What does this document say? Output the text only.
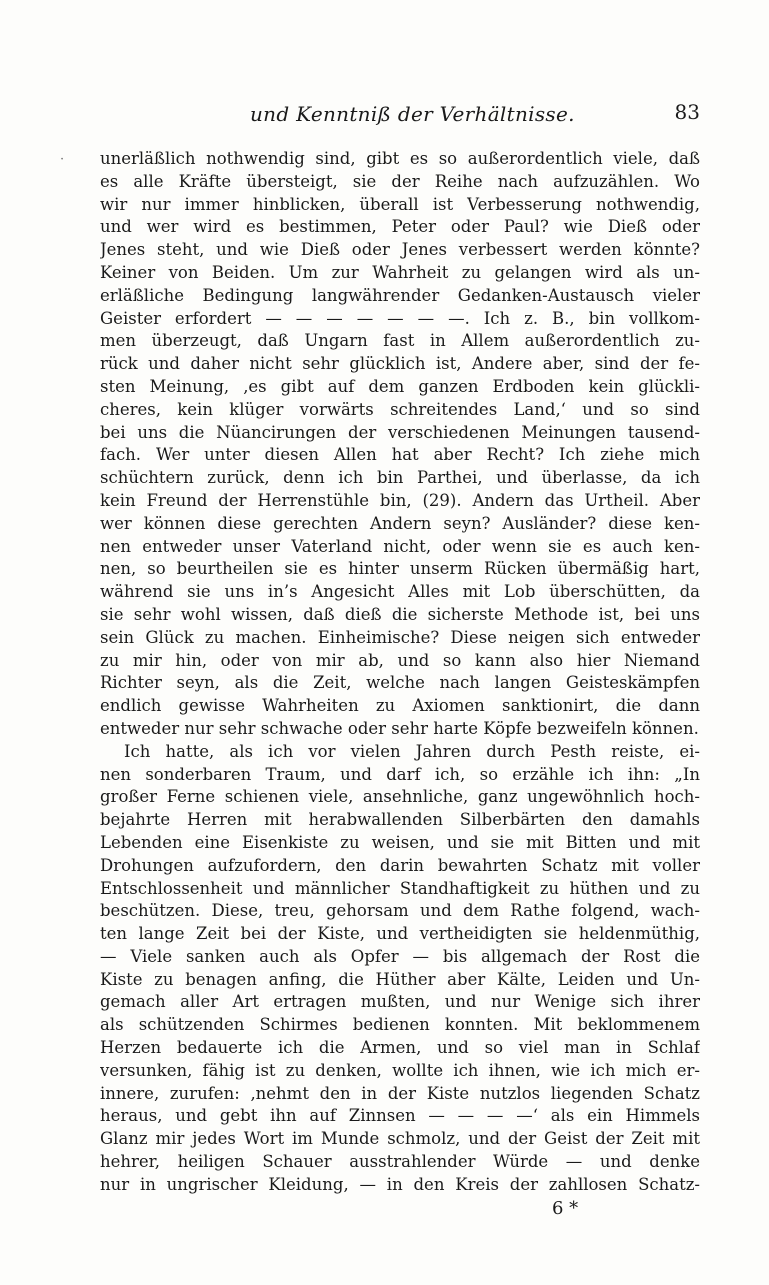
·
und Kenntniß der Verhältnisse.	83
unerläßlich nothwendig sind, gibt es so außerordentlich viele, daß
es alle Kräfte übersteigt, sie der Reihe nach aufzuzählen. Wo
wir nur immer hinblicken, überall ist Verbesserung nothwendig,
und wer wird es bestimmen, Peter oder Paul? wie Dieß oder
Jenes steht, und wie Dieß oder Jenes verbessert werden könnte?
Keiner von Beiden. Um zur Wahrheit zu gelangen wird als un-
erläßliche Bedingung langwährender Gedanken-Austausch vieler
Geister erfordert — — — — — — —. Ich z. B., bin vollkom-
men überzeugt, daß Ungarn fast in Allem außerordentlich zu-
rück und daher nicht sehr glücklich ist, Andere aber, sind der fe-
sten Meinung, ‚es gibt auf dem ganzen Erdboden kein glückli-
cheres, kein klüger vorwärts schreitendes Land,‘ und so sind
bei uns die Nüancirungen der verschiedenen Meinungen tausend-
fach. Wer unter diesen Allen hat aber Recht? Ich ziehe mich
schüchtern zurück, denn ich bin Parthei, und überlasse, da ich
kein Freund der Herrenstühle bin, (29). Andern das Urtheil. Aber
wer können diese gerechten Andern seyn? Ausländer? diese ken-
nen entweder unser Vaterland nicht, oder wenn sie es auch ken-
nen, so beurtheilen sie es hinter unserm Rücken übermäßig hart,
während sie uns in’s Angesicht Alles mit Lob überschütten, da
sie sehr wohl wissen, daß dieß die sicherste Methode ist, bei uns
sein Glück zu machen. Einheimische? Diese neigen sich entweder
zu mir hin, oder von mir ab, und so kann also hier Niemand
Richter seyn, als die Zeit, welche nach langen Geisteskämpfen
endlich gewisse Wahrheiten zu Axiomen sanktionirt, die dann
entweder nur sehr schwache oder sehr harte Köpfe bezweifeln können.
Ich hatte, als ich vor vielen Jahren durch Pesth reiste, ei-
nen sonderbaren Traum, und darf ich, so erzähle ich ihn: „In
großer Ferne schienen viele, ansehnliche, ganz ungewöhnlich hoch-
bejahrte Herren mit herabwallenden Silberbärten den damahls
Lebenden eine Eisenkiste zu weisen, und sie mit Bitten und mit
Drohungen aufzufordern, den darin bewahrten Schatz mit voller
Entschlossenheit und männlicher Standhaftigkeit zu hüthen und zu
beschützen. Diese, treu, gehorsam und dem Rathe folgend, wach-
ten lange Zeit bei der Kiste, und vertheidigten sie heldenmüthig,
— Viele sanken auch als Opfer — bis allgemach der Rost die
Kiste zu benagen anfing, die Hüther aber Kälte, Leiden und Un-
gemach aller Art ertragen mußten, und nur Wenige sich ihrer
als schützenden Schirmes bedienen konnten. Mit beklommenem
Herzen bedauerte ich die Armen, und so viel man in Schlaf
versunken, fähig ist zu denken, wollte ich ihnen, wie ich mich er-
innere, zurufen: ‚nehmt den in der Kiste nutzlos liegenden Schatz
heraus, und gebt ihn auf Zinnsen — — — —‘ als ein Himmels
Glanz mir jedes Wort im Munde schmolz, und der Geist der Zeit mit
hehrer, heiligen Schauer ausstrahlender Würde — und denke
nur in ungrischer Kleidung, — in den Kreis der zahllosen Schatz-
6 *
